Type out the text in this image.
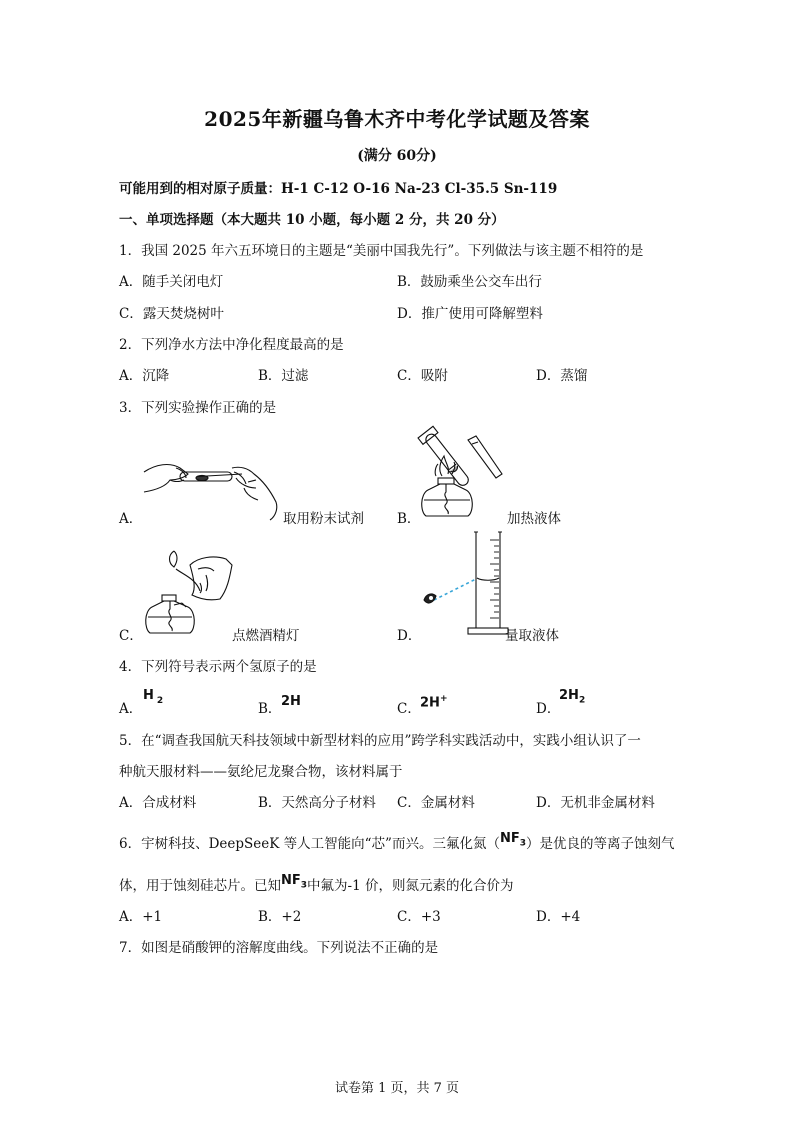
2025年新疆乌鲁木齐中考化学试题及答案
(满分 60分)
可能用到的相对原子质量：H-1 C-12 O-16 Na-23 Cl-35.5 Sn-119
一、单项选择题（本大题共 10 小题，每小题 2 分，共 20 分）
1．我国 2025 年六五环境日的主题是“美丽中国我先行”。下列做法与该主题不相符的是
A．随手关闭电灯	B．鼓励乘坐公交车出行
C．露天焚烧树叶	D．推广使用可降解塑料
2．下列净水方法中净化程度最高的是
A．沉降	B．过滤	C．吸附	D．蒸馏
3．下列实验操作正确的是
A．	取用粉末试剂 B．	加热液体
C．	点燃酒精灯	D．	量取液体
4．下列符号表示两个氢原子的是
A．
H $_2$
B． 2H	C． 2H+
D．
$2H_2$
5．在“调查我国航天科技领域中新型材料的应用”跨学科实践活动中，实践小组认识了一
种航天服材料——氨纶尼龙聚合物，该材料属于
A．合成材料	B．天然高分子材料 C．金属材料	D．无机非金属材料
6．宇树科技、DeepSeeK 等人工智能向“芯”而兴。三氟化氮$(NF_3)$是优良的等离子蚀刻气
体，用于蚀刻硅芯片。已知$NF_3$中氟为-1 价，则氮元素的化合价为
A．+1	B．+2	C．+3	D．+4
7．如图是硝酸钾的溶解度曲线。下列说法不正确的是
试卷第 1 页，共 7 页
